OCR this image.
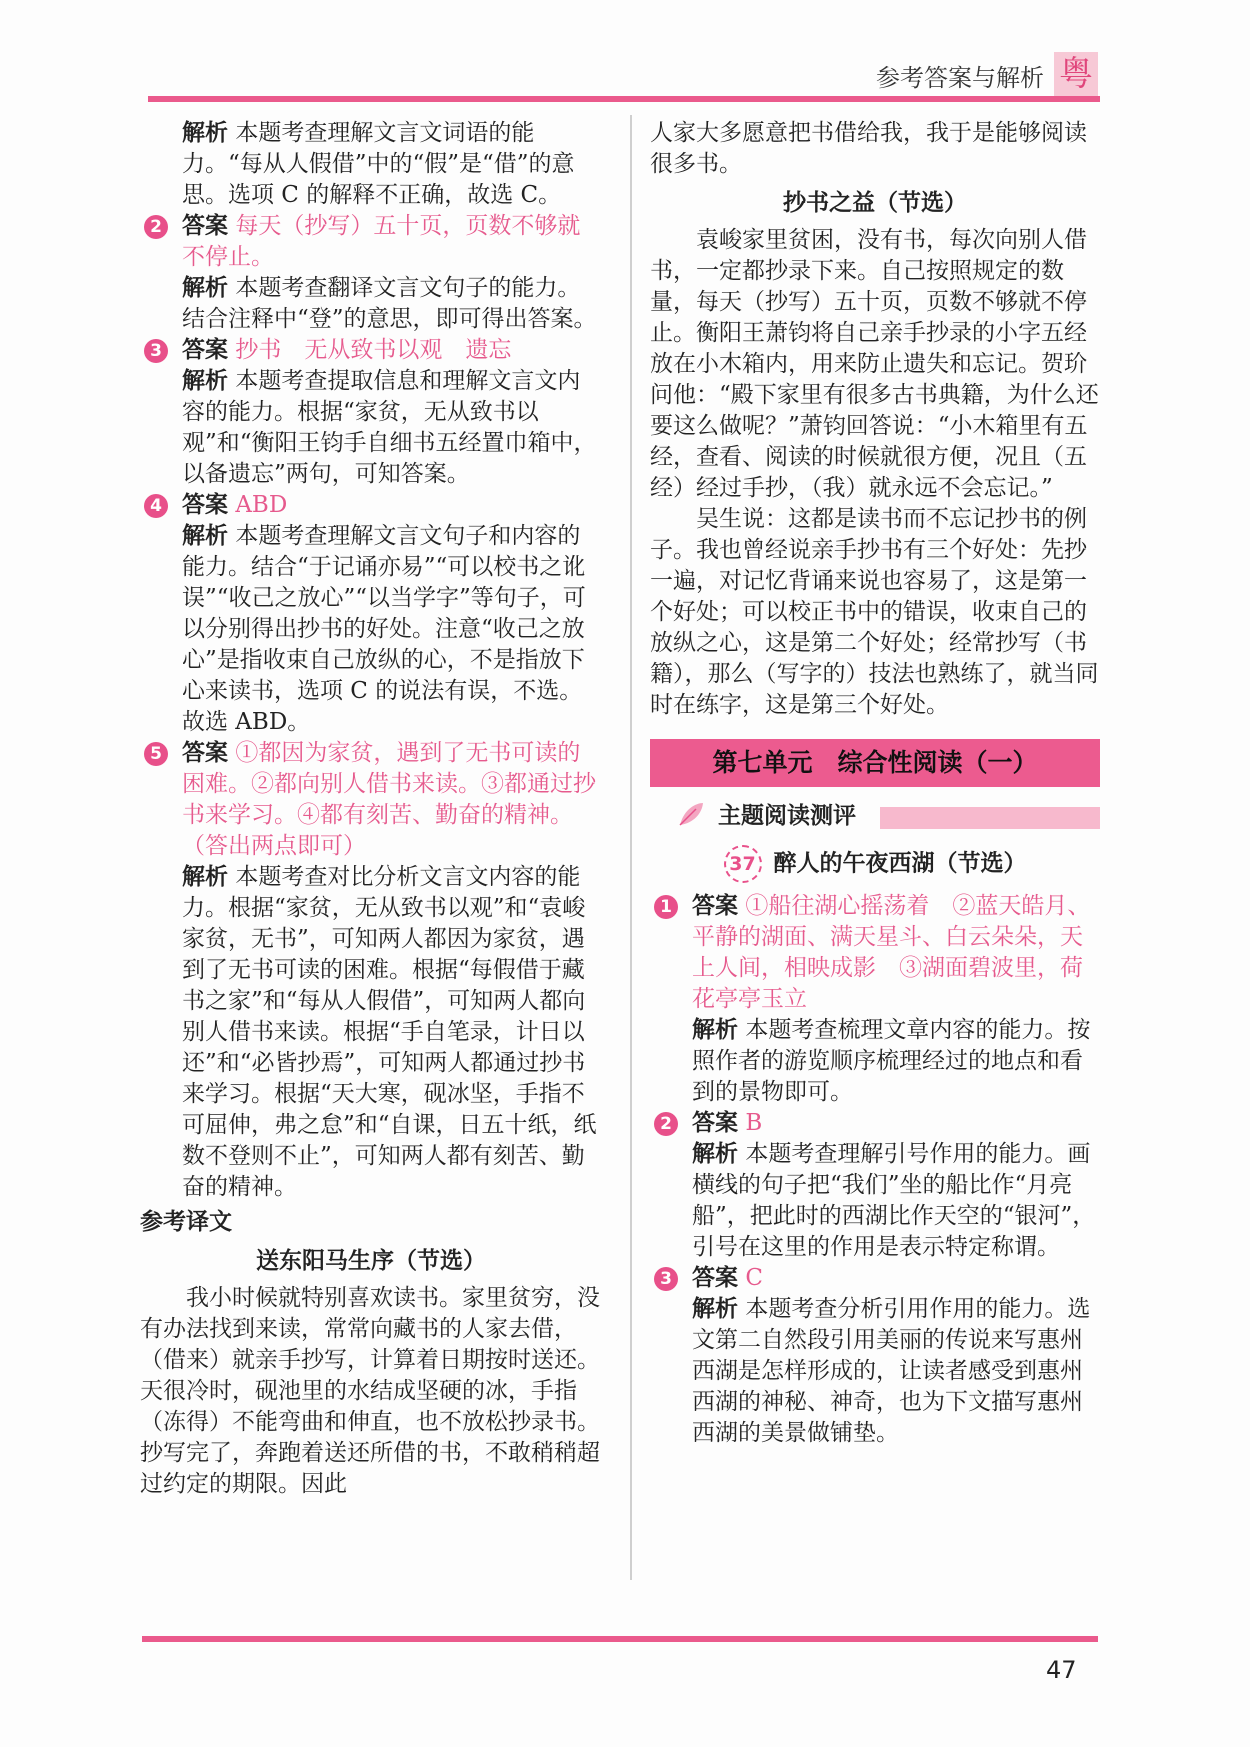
参考答案与解析 粤

解析 本题考查理解文言文词语的能力。“每从人假借”中的“假”是“借”的意思。选项 C 的解释不正确，故选 C。

2 答案 每天（抄写）五十页，页数不够就不停止。

解析 本题考查翻译文言文句子的能力。结合注释中“登”的意思，即可得出答案。

3 答案 抄书　无从致书以观　遗忘

解析 本题考查提取信息和理解文言文内容的能力。根据“家贫，无从致书以观”和“衡阳王钧手自细书五经置巾箱中，以备遗忘”两句，可知答案。

4 答案 ABD

解析 本题考查理解文言文句子和内容的能力。结合“于记诵亦易”“可以校书之讹误”“收己之放心”“以当学字”等句子，可以分别得出抄书的好处。注意“收己之放心”是指收束自己放纵的心，不是指放下心来读书，选项 C 的说法有误，不选。故选 ABD。

5 答案 ①都因为家贫，遇到了无书可读的困难。②都向别人借书来读。③都通过抄书来学习。④都有刻苦、勤奋的精神。（答出两点即可）

解析 本题考查对比分析文言文内容的能力。根据“家贫，无从致书以观”和“袁峻家贫，无书”，可知两人都因为家贫，遇到了无书可读的困难。根据“每假借于藏书之家”和“每从人假借”，可知两人都向别人借书来读。根据“手自笔录，计日以还”和“必皆抄焉”，可知两人都通过抄书来学习。根据“天大寒，砚冰坚，手指不可屈伸，弗之怠”和“自课，日五十纸，纸数不登则不止”，可知两人都有刻苦、勤奋的精神。

参考译文

送东阳马生序（节选）

我小时候就特别喜欢读书。家里贫穷，没有办法找到来读，常常向藏书的人家去借，（借来）就亲手抄写，计算着日期按时送还。天很冷时，砚池里的水结成坚硬的冰，手指（冻得）不能弯曲和伸直，也不放松抄录书。抄写完了，奔跑着送还所借的书，不敢稍稍超过约定的期限。因此

人家大多愿意把书借给我，我于是能够阅读很多书。

抄书之益（节选）

袁峻家里贫困，没有书，每次向别人借书，一定都抄录下来。自己按照规定的数量，每天（抄写）五十页，页数不够就不停止。衡阳王萧钧将自己亲手抄录的小字五经放在小木箱内，用来防止遗失和忘记。贺玠问他：“殿下家里有很多古书典籍，为什么还要这么做呢？”萧钧回答说：“小木箱里有五经，查看、阅读的时候就很方便，况且（五经）经过手抄，（我）就永远不会忘记。”

吴生说：这都是读书而不忘记抄书的例子。我也曾经说亲手抄书有三个好处：先抄一遍，对记忆背诵来说也容易了，这是第一个好处；可以校正书中的错误，收束自己的放纵之心，这是第二个好处；经常抄写（书籍），那么（写字的）技法也熟练了，就当同时在练字，这是第三个好处。

第七单元　综合性阅读（一）
主题阅读测评

37 醉人的午夜西湖（节选）

1 答案 ①船往湖心摇荡着　②蓝天皓月、平静的湖面、满天星斗、白云朵朵，天上人间，相映成影　③湖面碧波里，荷花亭亭玉立

解析 本题考查梳理文章内容的能力。按照作者的游览顺序梳理经过的地点和看到的景物即可。

2 答案 B

解析 本题考查理解引号作用的能力。画横线的句子把“我们”坐的船比作“月亮船”，把此时的西湖比作天空的“银河”，引号在这里的作用是表示特定称谓。

3 答案 C

解析 本题考查分析引用作用的能力。选文第二自然段引用美丽的传说来写惠州西湖是怎样形成的，让读者感受到惠州西湖的神秘、神奇，也为下文描写惠州西湖的美景做铺垫。

47
